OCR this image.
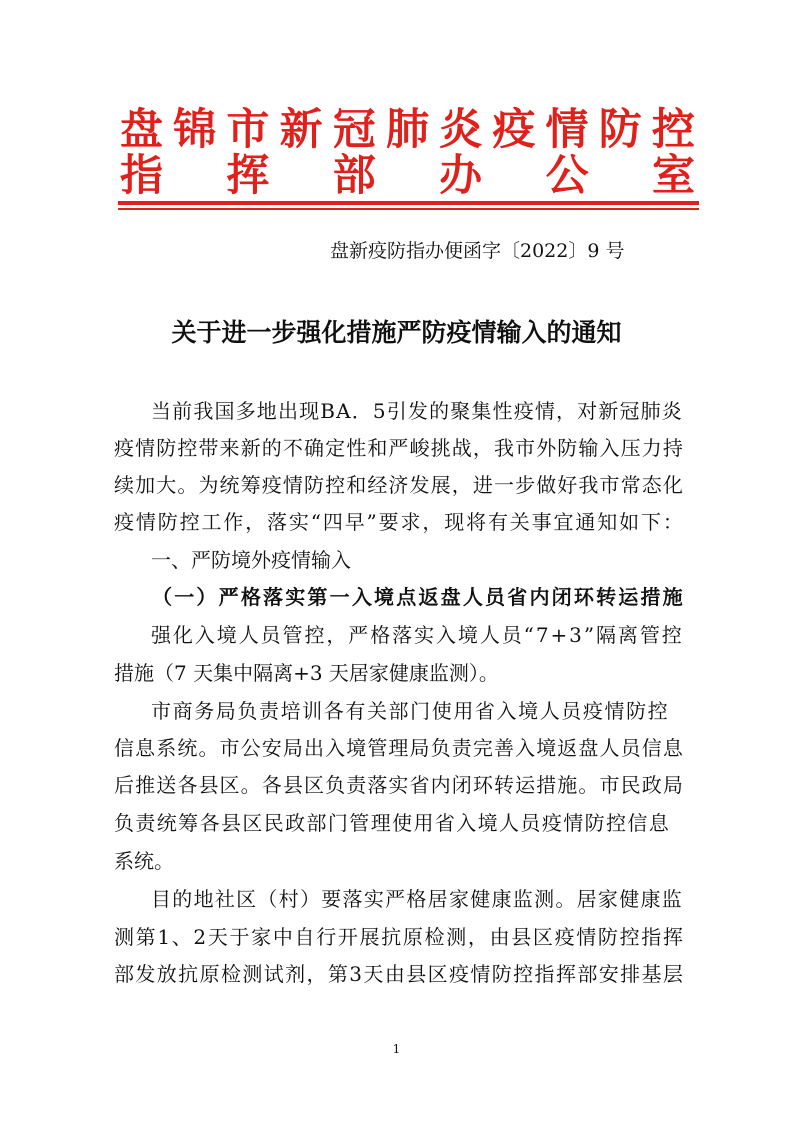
盘 锦 市 新 冠 肺 炎 疫 情 防 控
指 挥 部 办 公 室
盘新疫防指办便函字〔2022〕9 号
关于进一步强化措施严防疫情输入的通知
当 前 我 国 多 地 出 现 B A ． 5 引 发 的 聚 集 性 疫 情 ， 对 新 冠 肺 炎
疫 情 防 控 带 来 新 的 不 确 定 性 和 严 峻 挑 战 ， 我 市 外 防 输 入 压 力 持
续 加 大 。 为 统 筹 疫 情 防 控 和 经 济 发 展 ， 进 一 步 做 好 我 市 常 态 化
疫 情 防 控 工 作 ， 落 实 “ 四 早 ” 要 求 ， 现 将 有 关 事 宜 通 知 如 下 ：
一、严防境外疫情输入
（ 一 ） 严 格 落 实 第 一 入 境 点 返 盘 人 员 省 内 闭 环 转 运 措 施
强 化 入 境 人 员 管 控 ， 严 格 落 实 入 境 人 员 “ 7 + 3 ” 隔 离 管 控
措施（7 天集中隔离+3 天居家健康监测）。
市 商 务 局 负 责 培 训 各 有 关 部 门 使 用 省 入 境 人 员 疫 情 防 控
信 息 系 统 。 市 公 安 局 出 入 境 管 理 局 负 责 完 善 入 境 返 盘 人 员 信 息
后 推 送 各 县 区 。 各 县 区 负 责 落 实 省 内 闭 环 转 运 措 施 。 市 民 政 局
负 责 统 筹 各 县 区 民 政 部 门 管 理 使 用 省 入 境 人 员 疫 情 防 控 信 息
系统。
目 的 地 社 区 （ 村 ） 要 落 实 严 格 居 家 健 康 监 测 。 居 家 健 康 监
测 第 1 、 2 天 于 家 中 自 行 开 展 抗 原 检 测 ， 由 县 区 疫 情 防 控 指 挥
部 发 放 抗 原 检 测 试 剂 ， 第 3 天 由 县 区 疫 情 防 控 指 挥 部 安 排 基 层
1
